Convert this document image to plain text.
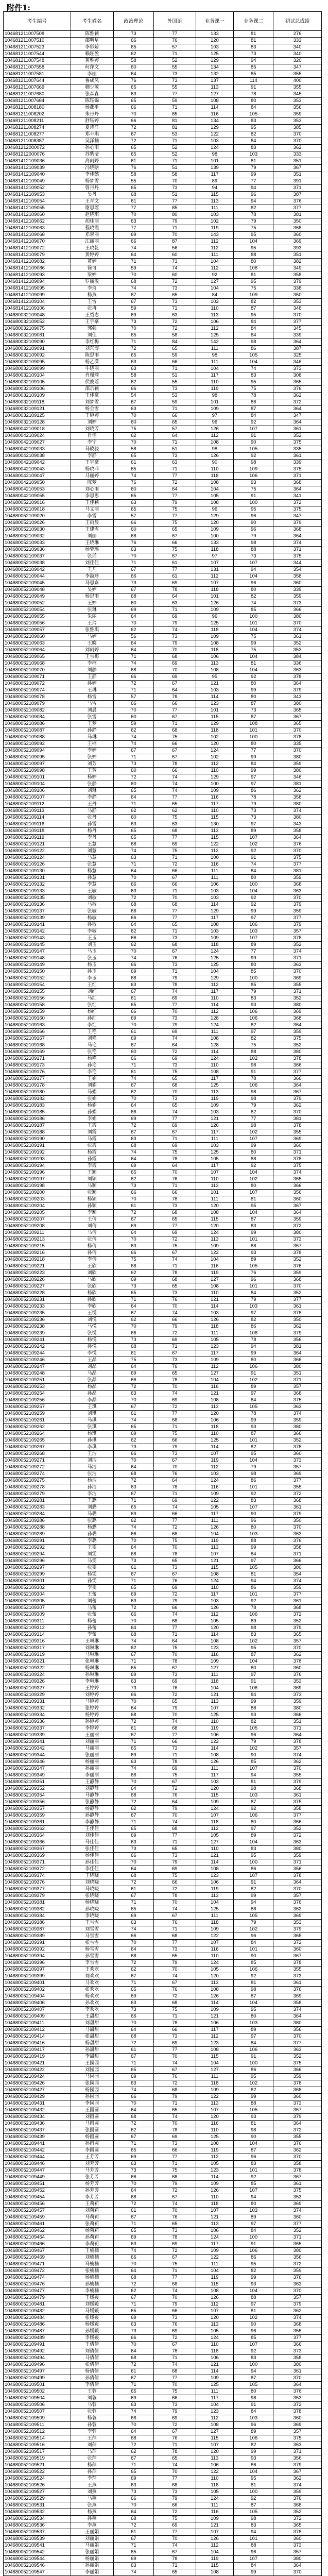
附件1:
考生编号	考生姓名	政治理论	外国语	业务课一	业务课二	初试总成绩
104681211007508	陈雅颖	73	77	133	81	276
104681211007510	邵明星	66	76	120	81	333
104681211007523	李彩娇	65	57	103	83	340
104681211007544	赖旺盈	62	71	125	73	340
104681211007548	黄雅婷	58	52	129	94	320
104681211007558	何萍文	60	55	134	85	347
104681211007581	李丽	64	73	132	85	355
104681211007644	鲁成凤	76	73	137	114	400
104681211007669	楠少敏	65	55	113	91	355
104681211007680	张森森	63	77	127	78	345
104681211007684	陈钰锦	65	59	108	80	353
104681211008180	杨燕平	66	71	114	84	356
104681211008202	朱丹丹	70	85	116	105	359
104681211008211	舒钰婷	66	81	134	83	353
104681211008274	夏诗洋	72	81	129	95	385
104681211008277	郑丰琪	67	53	122	82	370
104681211008387	吴泽楠	72	71	103	84	370
104681212000072	孙心雨	65	52	124	83	362
104681212000076	苏紫莹	65	52	98	103	333
104681412109036	高雨婷	61	71	101	81	351
104681412109039	冯晓晗	76	51	139	79	367
104681412109040	李佳懿	58	58	117	99	351
104681412109049	杨梦雪	55	70	89	77	391
104681412109052	曾丹丹	65	73	94	94	371
104681412109053	吴丹	68	51	115	96	387
104681412109054	王青文	61	77	113	94	376
104681412109055	谢思瑶	77	85	111	82	377
104681412109060	赵晓琪	70	80	103	78	381
104681412109062	胡佳丽	63	79	102	79	350
104681412109063	程晓霞	77	71	119	75	368
104681412109068	邓翠丽	69	70	143	95	360
104681412109070	江丽丽	66	87	112	104	369
104681412109072	王晓乾	74	56	112	95	393
104681412109079	黄婷婷	64	60	111	88	351
104681412109082	黄婷	71	73	104	80	382
104681412109086	徐可	59	74	112	108	349
104681412109093	梁婷	70	60	92	81	358
104681412109094	罗丽敏	68	72	127	95	379
104681412109095	李琦	74	73	104	75	338
104681412109099	杨燕	67	65	84	109	350
104681412109104	王雪	67	73	102	82	353
104681412109106	张冉	59	71	110	87	348
104680032109048	王绍志	69	63	113	95	370
104680032109052	王宇豪	73	72	106	84	377
104680032109075	郭强	70	72	112	84	345
104680032109081	刘佳	65	58	125	84	339
104680032109090	李红梅	71	84	142	98	364
104680032109091	刘东博	72	65	111	86	387
104680032109092	陈思雨	65	59	98	105	325
104680032109095	杨乙潇	63	66	111	104	346
104680032109099	牛晓丽	63	71	104	74	373
104680032109104	肖瑾瑜	58	51	117	83	308
104680032109105	侯俊瑶	62	55	110	95	365
104680032109106	邵宗颖	66	73	119	75	376
104680032109109	王佳豪	54	53	98	78	362
104680032109118	刘梦雪	67	59	101	86	372
104680032109121	杨金雪	63	71	109	87	364
104680032109125	王婷婷	70	66	97	84	347
104680032109128	刘婷	60	65	96	92	364
104680042109018	刘晓芳	75	57	126	107	361
104680042109024	肖佳	62	64	112	91	352
104680042109027	李宁	70	71	108	90	375
104680042109033	马骁骁	58	51	98	105	335
104680042109038	李静	65	73	126	92	361
104680042109042	王宇豪	61	63	90	98	339
104680042109043	杨晓菲	65	71	110	109	375
104680042109047	马丽婷	74	77	118	106	371
104680042109050	陈梦	76	72	108	93	368
104680042109053	刘心雨	60	64	104	75	364
104680042109055	李思思	65	77	105	91	341
104680052109016	王佳颖	63	79	108	100	372
104680052109018	马文丽	65	75	96	95	375
104680052109020	李雪	57	77	129	96	347
104680052109026	王雨晨	66	75	120	90	379
104680052109030	王建雪	60	65	109	96	368
104680052109032	刘丽	68	67	100	79	364
104680052109033	王晓琳	76	66	133	98	374
104680052109036	杨梦瑶	63	75	118	88	371
104680052109037	张瑶	70	67	97	73	375
104680052109038	刘佳佳	71	61	107	107	344
104680052109042	王凡	67	77	131	94	354
104680052109044	李淑珍	66	61	112	104	358
104680052109045	马思嘉	73	69	107	96	360
104680052109048	吴婷	67	78	118	80	339
104680052109049	杨思雨	68	64	101	82	359
104680052109052	王婷	60	63	126	74	373
104680052109054	张琳	69	71	109	85	366
104680052109055	朱丽	64	69	96	100	380
104680052109056	王玲	70	79	125	101	370
104680052109057	张雅琪	62	74	118	104	374
104680052109060	马婷	56	73	109	75	361
104680052109063	王晓	64	79	108	99	352
104680052109064	刘雨婷	64	70	118	75	353
104680052109065	王雪梅	71	68	106	104	384
104680052109068	李楠	74	69	113	81	336
104680052109070	刘静	68	70	108	104	363
104680052109071	王静	66	69	95	92	378
104680052109072	孙婷	72	67	121	80	364
104680052109074	王琳	71	64	103	99	379
104680052109078	杨雪	57	78	114	80	343
104680052109079	马雪	66	66	123	87	380
104680052109082	刘晨	70	77	101	73	365
104680052109084	张雪	60	67	115	87	367
104680052109086	王梦	59	71	129	108	365
104680052109087	孙静	62	68	118	101	370
104680052109088	马琳	74	75	102	100	378
104680052109092	王楠	74	66	120	80	335
104680052109094	李婷	67	67	124	77	370
104680052109095	张婷	71	67	102	99	380
104680052109097	刘芳	73	78	112	84	359
104680052109098	王芳	60	66	110	99	380
104680052109101	杨婷	72	74	129	97	346
104680052109104	张静	60	74	100	97	381
104680052109106	刘琳	65	74	109	86	362
104680052109107	李静	64	77	116	78	358
104680052109112	王丹	71	65	117	79	380
104680052109113	马静	62	62	110	73	374
104680052109114	张丹	60	75	115	73	380
104680052109116	孙雪	63	63	130	97	343
104680052109118	杨丹	65	68	113	89	358
104680052109119	李丹	65	77	115	107	364
104680052109121	王慧	68	69	122	102	376
104680052109122	刘慧	74	75	112	92	370
104680052109124	马慧	63	71	100	91	375
104680052109126	张慧	71	72	116	74	377
104680052109130	杨慧	64	66	111	84	381
104680052109131	孙慧	70	67	111	80	359
104680052109132	李慧	66	66	106	100	368
104680052109133	王敏	63	71	103	104	363
104680052109135	刘敏	72	70	103	92	370
104680052109136	马敏	68	68	114	92	379
104680052109137	张敏	66	77	129	99	359
104680052109139	杨敏	66	77	117	97	377
104680052109141	孙敏	64	65	108	106	379
104680052109142	李敏	62	71	103	103	357
104680052109143	王玉	66	73	109	107	378
104680052109145	刘玉	62	68	118	89	352
104680052109147	马玉	70	67	124	77	374
104680052109148	张玉	74	76	125	99	371
104680052109149	杨玉	66	73	125	80	363
104680052109150	孙玉	69	71	104	85	370
104680052109152	李玉	68	79	129	100	369
104680052109154	王红	63	78	112	85	355
104680052109155	刘红	67	74	117	79	371
104680052109156	马红	61	69	110	83	352
104680052109158	张红	65	77	114	93	380
104680052109159	杨红	66	70	112	106	369
104680052109160	孙红	69	73	128	106	368
104680052109163	李红	70	79	124	82	364
104680052109166	王艳	61	69	111	97	359
104680052109167	刘艳	69	74	108	82	375
104680052109168	马艳	67	64	128	75	352
104680052109169	张艳	60	72	114	88	380
104680052109171	杨艳	66	69	124	102	378
104680052109173	孙艳	71	73	110	98	366
104680052109176	李艳	61	75	108	91	377
104680052109177	王娟	74	65	117	78	366
104680052109178	刘娟	67	68	125	106	364
104680052109180	马娟	62	70	113	98	367
104680052109182	张娟	70	73	119	98	379
104680052109183	杨娟	64	65	109	79	362
104680052109185	孙娟	66	74	103	82	370
104680052109186	李娟	69	77	121	77	381
104680052109187	王霞	72	69	126	98	378
104680052109188	刘霞	67	67	117	102	355
104680052109190	马霞	63	71	111	107	369
104680052109191	张霞	68	69	103	99	360
104680052109192	杨霞	74	75	125	80	371
104680052109193	孙霞	64	78	105	88	378
104680052109194	李霞	69	64	117	92	375
104680052109196	王颖	65	70	107	104	374
104680052109197	刘颖	62	76	110	102	365
104680052109198	马颖	73	71	113	80	366
104680052109200	张颖	66	66	101	107	356
104680052109203	杨颖	70	78	111	81	360
104680052109204	孙颖	61	73	120	95	367
104680052109205	李颖	72	68	108	104	364
104680052109207	王倩	67	65	115	87	359
104680052109208	刘倩	69	77	120	83	372
104680052109211	马倩	64	69	124	99	380
104680052109213	张倩	70	72	113	101	373
104680052109215	杨倩	63	75	109	88	357
104680052109216	孙倩	66	67	122	93	378
104680052109218	李倩	75	74	104	89	352
104680052109221	王欣	68	71	116	105	376
104680052109223	刘欣	62	78	119	76	359
104680052109226	马欣	69	68	127	96	368
104680052109227	张欣	73	65	108	101	370
104680052109228	杨欣	65	73	110	84	352
104680052109231	孙欣	71	76	121	79	377
104680052109233	李欣	64	70	114	103	361
104680052109235	王悦	67	74	103	97	378
104680052109236	刘悦	62	66	126	82	350
104680052109238	马悦	70	79	118	86	362
104680052109239	张悦	66	72	111	108	379
104680052109241	杨悦	73	69	105	78	356
104680052109242	孙悦	68	71	123	94	381
104680052109244	李悦	61	67	117	99	364
104680052109246	王晶	75	73	109	80	366
104680052109247	刘晶	64	76	112	106	380
104680052109248	马晶	69	65	127	91	351
104680052109251	张晶	66	78	104	102	371
104680052109253	杨晶	72	70	116	89	357
104680052109254	孙晶	63	74	121	97	368
104680052109256	李晶	70	69	108	84	375
104680052109257	王琪	67	72	113	105	363
104680052109259	刘琪	61	77	120	78	374
104680052109261	马琪	74	68	106	99	359
104680052109262	张琪	65	71	118	93	380
104680052109264	杨琪	69	75	110	87	366
104680052109265	孙琪	62	66	125	101	352
104680052109267	李琪	73	79	114	82	378
104680052109268	王洁	66	73	107	95	360
104680052109271	刘洁	70	67	119	104	373
104680052109272	马洁	64	70	112	79	357
104680052109274	张洁	68	76	103	98	369
104680052109275	杨洁	72	64	124	86	377
104680052109278	孙洁	63	78	116	101	355
104680052109279	李洁	67	71	109	92	372
104680052109281	王璐	71	69	122	83	368
104680052109283	刘璐	65	74	105	107	361
104680052109284	马璐	69	66	117	90	379
104680052109286	张璐	62	77	111	96	350
104680052109288	杨璐	74	72	126	80	370
104680052109289	孙璐	66	68	104	103	363
104680052109291	李璐	70	75	119	88	376
104680052109292	王雯	64	70	113	99	358
104680052109294	刘雯	68	78	107	84	371
104680052109296	马雯	73	65	121	97	366
104680052109297	张雯	61	73	115	105	380
104680052109299	杨雯	67	67	108	81	354
104680052109301	孙雯	71	76	124	94	374
104680052109302	李雯	65	69	110	86	359
104680052109304	王蕾	69	72	117	101	377
104680052109305	刘蕾	63	79	103	92	361
104680052109307	马蕾	72	66	126	78	368
104680052109309	张蕾	66	74	112	106	372
104680052109311	杨蕾	70	68	105	89	352
104680052109312	孙蕾	64	77	120	98	379
104680052109314	李蕾	68	71	114	83	365
104680052109316	王琳琳	74	64	108	102	357
104680052109317	刘琳琳	62	75	123	95	370
104680052109319	马琳琳	67	70	116	87	362
104680052109321	张琳琳	71	78	109	104	378
104680052109322	杨琳琳	65	67	127	80	360
104680052109324	孙琳琳	69	73	111	97	376
104680052109326	李琳琳	63	69	118	91	353
104680052109327	王婷婷	73	76	104	106	369
104680052109329	刘婷婷	66	72	121	84	373
104680052109331	马婷婷	70	65	113	99	359
104680052109332	张婷婷	64	79	107	88	380
104680052109334	杨婷婷	68	70	125	93	366
104680052109336	孙婷婷	72	74	110	82	351
104680052109337	李婷婷	61	68	119	105	371
104680052109339	王丽丽	67	77	106	96	364
104680052109341	刘丽丽	71	66	122	79	378
104680052109342	马丽丽	65	73	114	102	357
104680052109344	张丽丽	69	71	108	90	374
104680052109346	杨丽丽	63	78	126	85	362
104680052109347	孙丽丽	74	69	111	107	370
104680052109349	李丽丽	66	75	117	94	355
104680052109351	王静静	70	67	103	81	379
104680052109352	刘静静	64	72	120	98	368
104680052109354	马静静	68	76	115	103	361
104680052109356	张静静	72	64	109	87	375
104680052109357	杨静静	62	79	124	92	358
104680052109359	孙静静	67	70	107	106	377
104680052109361	李静静	71	74	118	80	366
104680052109362	王佳佳	65	68	112	97	352
104680052109364	刘佳佳	69	77	105	89	372
104680052109366	马佳佳	63	71	127	104	363
104680052109367	张佳佳	73	65	110	83	380
104680052109369	杨佳佳	66	73	121	95	359
104680052109371	孙佳佳	70	79	114	100	371
104680052109372	李佳佳	64	69	108	86	356
104680052109374	王晓晓	68	75	123	107	378
104680052109376	刘晓晓	72	66	106	91	364
104680052109377	马晓晓	61	72	119	82	370
104680052109379	张晓晓	67	78	113	99	357
104680052109381	杨晓晓	71	70	104	94	376
104680052109382	孙晓晓	65	74	125	88	362
104680052109384	李晓晓	69	67	111	105	369
104680052109386	王雪雪	63	76	118	79	353
104680052109387	刘雪雪	74	71	109	102	379
104680052109389	马雪雪	66	68	122	96	365
104680052109391	张雪雪	70	77	107	84	372
104680052109392	杨雪雪	64	73	116	101	360
104680052109394	孙雪雪	68	65	110	90	367
104680052109396	李雪雪	72	79	124	85	378
104680052109397	王欢欢	62	70	105	106	355
104680052109399	刘欢欢	67	74	120	92	373
104680052109401	马欢欢	71	67	113	81	361
104680052109402	张欢欢	65	76	108	98	376
104680052109404	杨欢欢	69	72	126	87	369
104680052109406	孙欢欢	63	68	114	104	358
104680052109407	李欢欢	73	75	109	95	374
104680052109409	王甜甜	66	71	121	80	364
104680052109411	刘甜甜	70	78	106	103	380
104680052109412	马甜甜	64	66	117	89	356
104680052109414	张甜甜	68	73	112	97	370
104680052109416	杨甜甜	72	69	123	84	377
104680052109417	孙甜甜	61	77	108	106	363
104680052109419	李甜甜	67	70	115	91	352
104680052109421	王园园	71	74	104	100	375
104680052109422	刘园园	65	67	127	86	366
104680052109424	马园园	69	76	111	95	359
104680052109426	张园园	63	72	118	102	378
104680052109427	杨园园	74	68	109	82	368
104680052109429	孙园园	66	79	122	99	360
104680052109431	李园园	70	71	113	88	373
104680052109432	王圆圆	64	65	107	105	357
104680052109434	刘圆圆	68	74	120	93	379
104680052109436	马圆圆	72	70	116	81	364
104680052109437	张圆圆	62	78	110	98	372
104680052109439	杨圆圆	67	69	125	90	355
104680052109441	孙圆圆	71	73	108	104	376
104680052109442	李圆圆	65	66	119	87	362
104680052109444	王芳芳	69	77	112	96	370
104680052109446	刘芳芳	63	71	105	83	358
104680052109447	马芳芳	73	75	123	101	378
104680052109449	张芳芳	66	68	114	92	367
104680052109451	杨芳芳	70	79	109	85	361
104680052109452	孙芳芳	64	72	126	107	375
104680052109454	李芳芳	68	67	110	94	353
104680052109456	王莉莉	72	74	118	80	369
104680052109457	刘莉莉	61	70	107	103	374
104680052109459	马莉莉	67	76	121	89	360
104680052109461	张莉莉	71	65	113	97	377
104680052109462	杨莉莉	65	73	106	84	352
104680052109464	孙莉莉	69	78	124	100	371
104680052109466	李莉莉	63	69	117	91	365
104680052109467	王楠楠	74	72	109	106	380
104680052109469	刘楠楠	66	67	122	86	356
104680052109471	马楠楠	70	75	111	95	372
104680052109472	张楠楠	64	71	104	82	359
104680052109474	杨楠楠	68	77	119	99	376
104680052109476	孙楠楠	72	68	115	93	363
104680052109477	李楠楠	62	74	108	104	370
104680052109479	王媛媛	67	70	126	88	357
104680052109481	刘媛媛	71	79	112	97	379
104680052109482	马媛媛	65	66	107	81	362
104680052109484	张媛媛	69	73	120	102	374
104680052109486	杨媛媛	63	76	113	90	368
104680052109487	孙媛媛	73	69	105	96	355
104680052109489	李媛媛	66	72	124	85	377
104680052109491	王倩倩	70	67	110	107	366
104680052109492	刘倩倩	64	78	118	92	373
104680052109494	马倩倩	68	71	106	83	358
104680052109496	张倩倩	72	74	121	100	380
104680052109497	杨倩倩	61	68	114	94	361
104680052109499	孙倩倩	67	77	109	87	370
104680052109501	李倩倩	71	70	125	105	364
104680052109502	王蓉	65	75	111	80	376
104680052109504	刘蓉	69	66	117	98	353
104680052109506	马蓉	63	73	104	91	372
104680052109507	张蓉	74	79	123	84	378
104680052109509	杨蓉	66	69	112	103	360
104680052109511	孙蓉	70	72	108	96	369
104680052109512	李蓉	64	67	127	89	357
104680052109514	王萍	68	76	115	106	375
104680052109516	刘萍	72	71	107	82	363
104680052109517	马萍	62	78	120	99	371
104680052109519	张萍	67	65	113	93	356
104680052109521	杨萍	71	74	106	86	379
104680052109522	孙萍	65	70	122	104	367
104680052109524	李萍	69	77	110	95	362
104680052109526	王燕	63	68	118	81	374
104680052109527	刘燕	73	73	105	100	359
104680052109529	马燕	66	79	124	92	376
104680052109531	张燕	70	66	111	87	368
104680052109532	杨燕	64	72	116	105	352
104680052109534	孙燕	68	75	109	98	372
104680052109536	李燕	72	69	121	83	365
104680052109537	王丽娟	61	77	107	94	378
104680052109539	刘丽娟	67	70	126	101	360
104680052109541	马丽娟	71	74	112	88	373
104680052109542	张丽娟	65	67	104	96	357
104680052109544	杨丽娟	69	78	119	107	380
104680052109546	孙丽娟	63	71	115	84	364
104680052109547	李丽娟	74	65	108	99	370
